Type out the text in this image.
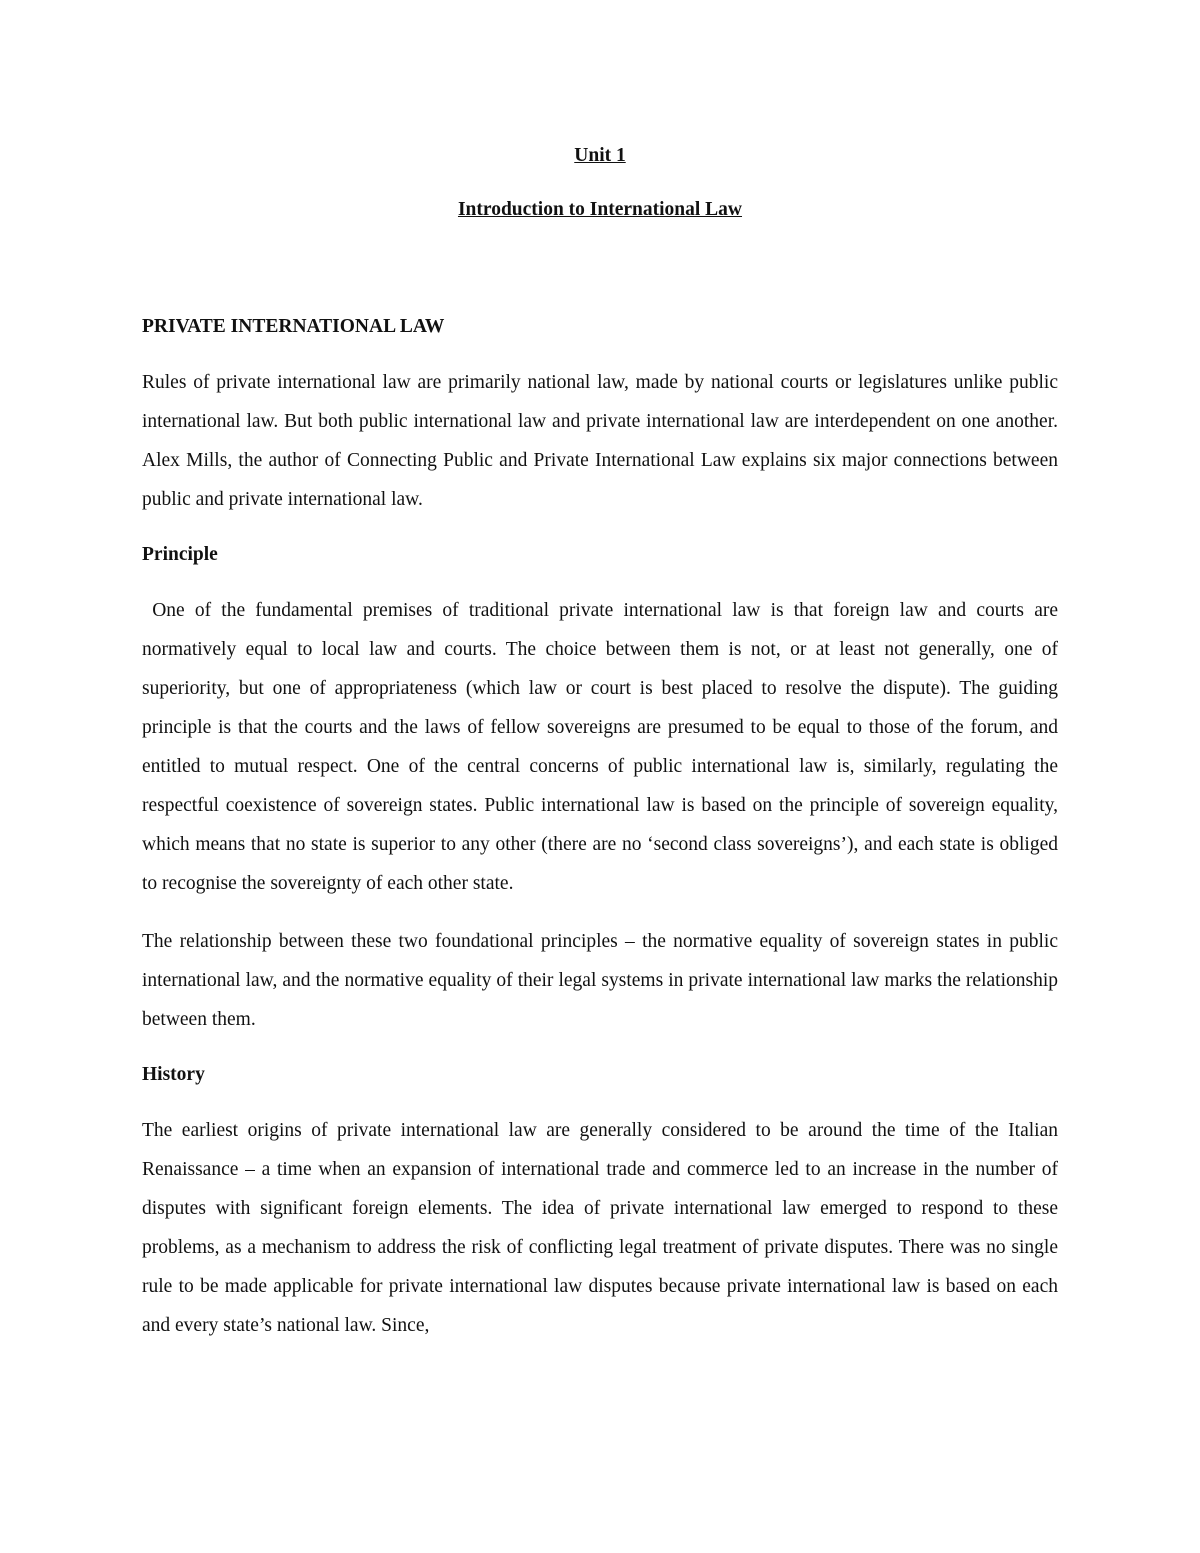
Unit 1

Introduction to International Law

PRIVATE INTERNATIONAL LAW

Rules of private international law are primarily national law, made by national courts or legislatures unlike public international law. But both public international law and private international law are interdependent on one another. Alex Mills, the author of Connecting Public and Private International Law explains six major connections between public and private international law.

Principle

One of the fundamental premises of traditional private international law is that foreign law and courts are normatively equal to local law and courts. The choice between them is not, or at least not generally, one of superiority, but one of appropriateness (which law or court is best placed to resolve the dispute). The guiding principle is that the courts and the laws of fellow sovereigns are presumed to be equal to those of the forum, and entitled to mutual respect. One of the central concerns of public international law is, similarly, regulating the respectful coexistence of sovereign states. Public international law is based on the principle of sovereign equality, which means that no state is superior to any other (there are no ‘second class sovereigns’), and each state is obliged to recognise the sovereignty of each other state.

The relationship between these two foundational principles – the normative equality of sovereign states in public international law, and the normative equality of their legal systems in private international law marks the relationship between them.

History

The earliest origins of private international law are generally considered to be around the time of the Italian Renaissance – a time when an expansion of international trade and commerce led to an increase in the number of disputes with significant foreign elements. The idea of private international law emerged to respond to these problems, as a mechanism to address the risk of conflicting legal treatment of private disputes. There was no single rule to be made applicable for private international law disputes because private international law is based on each and every state’s national law. Since,
